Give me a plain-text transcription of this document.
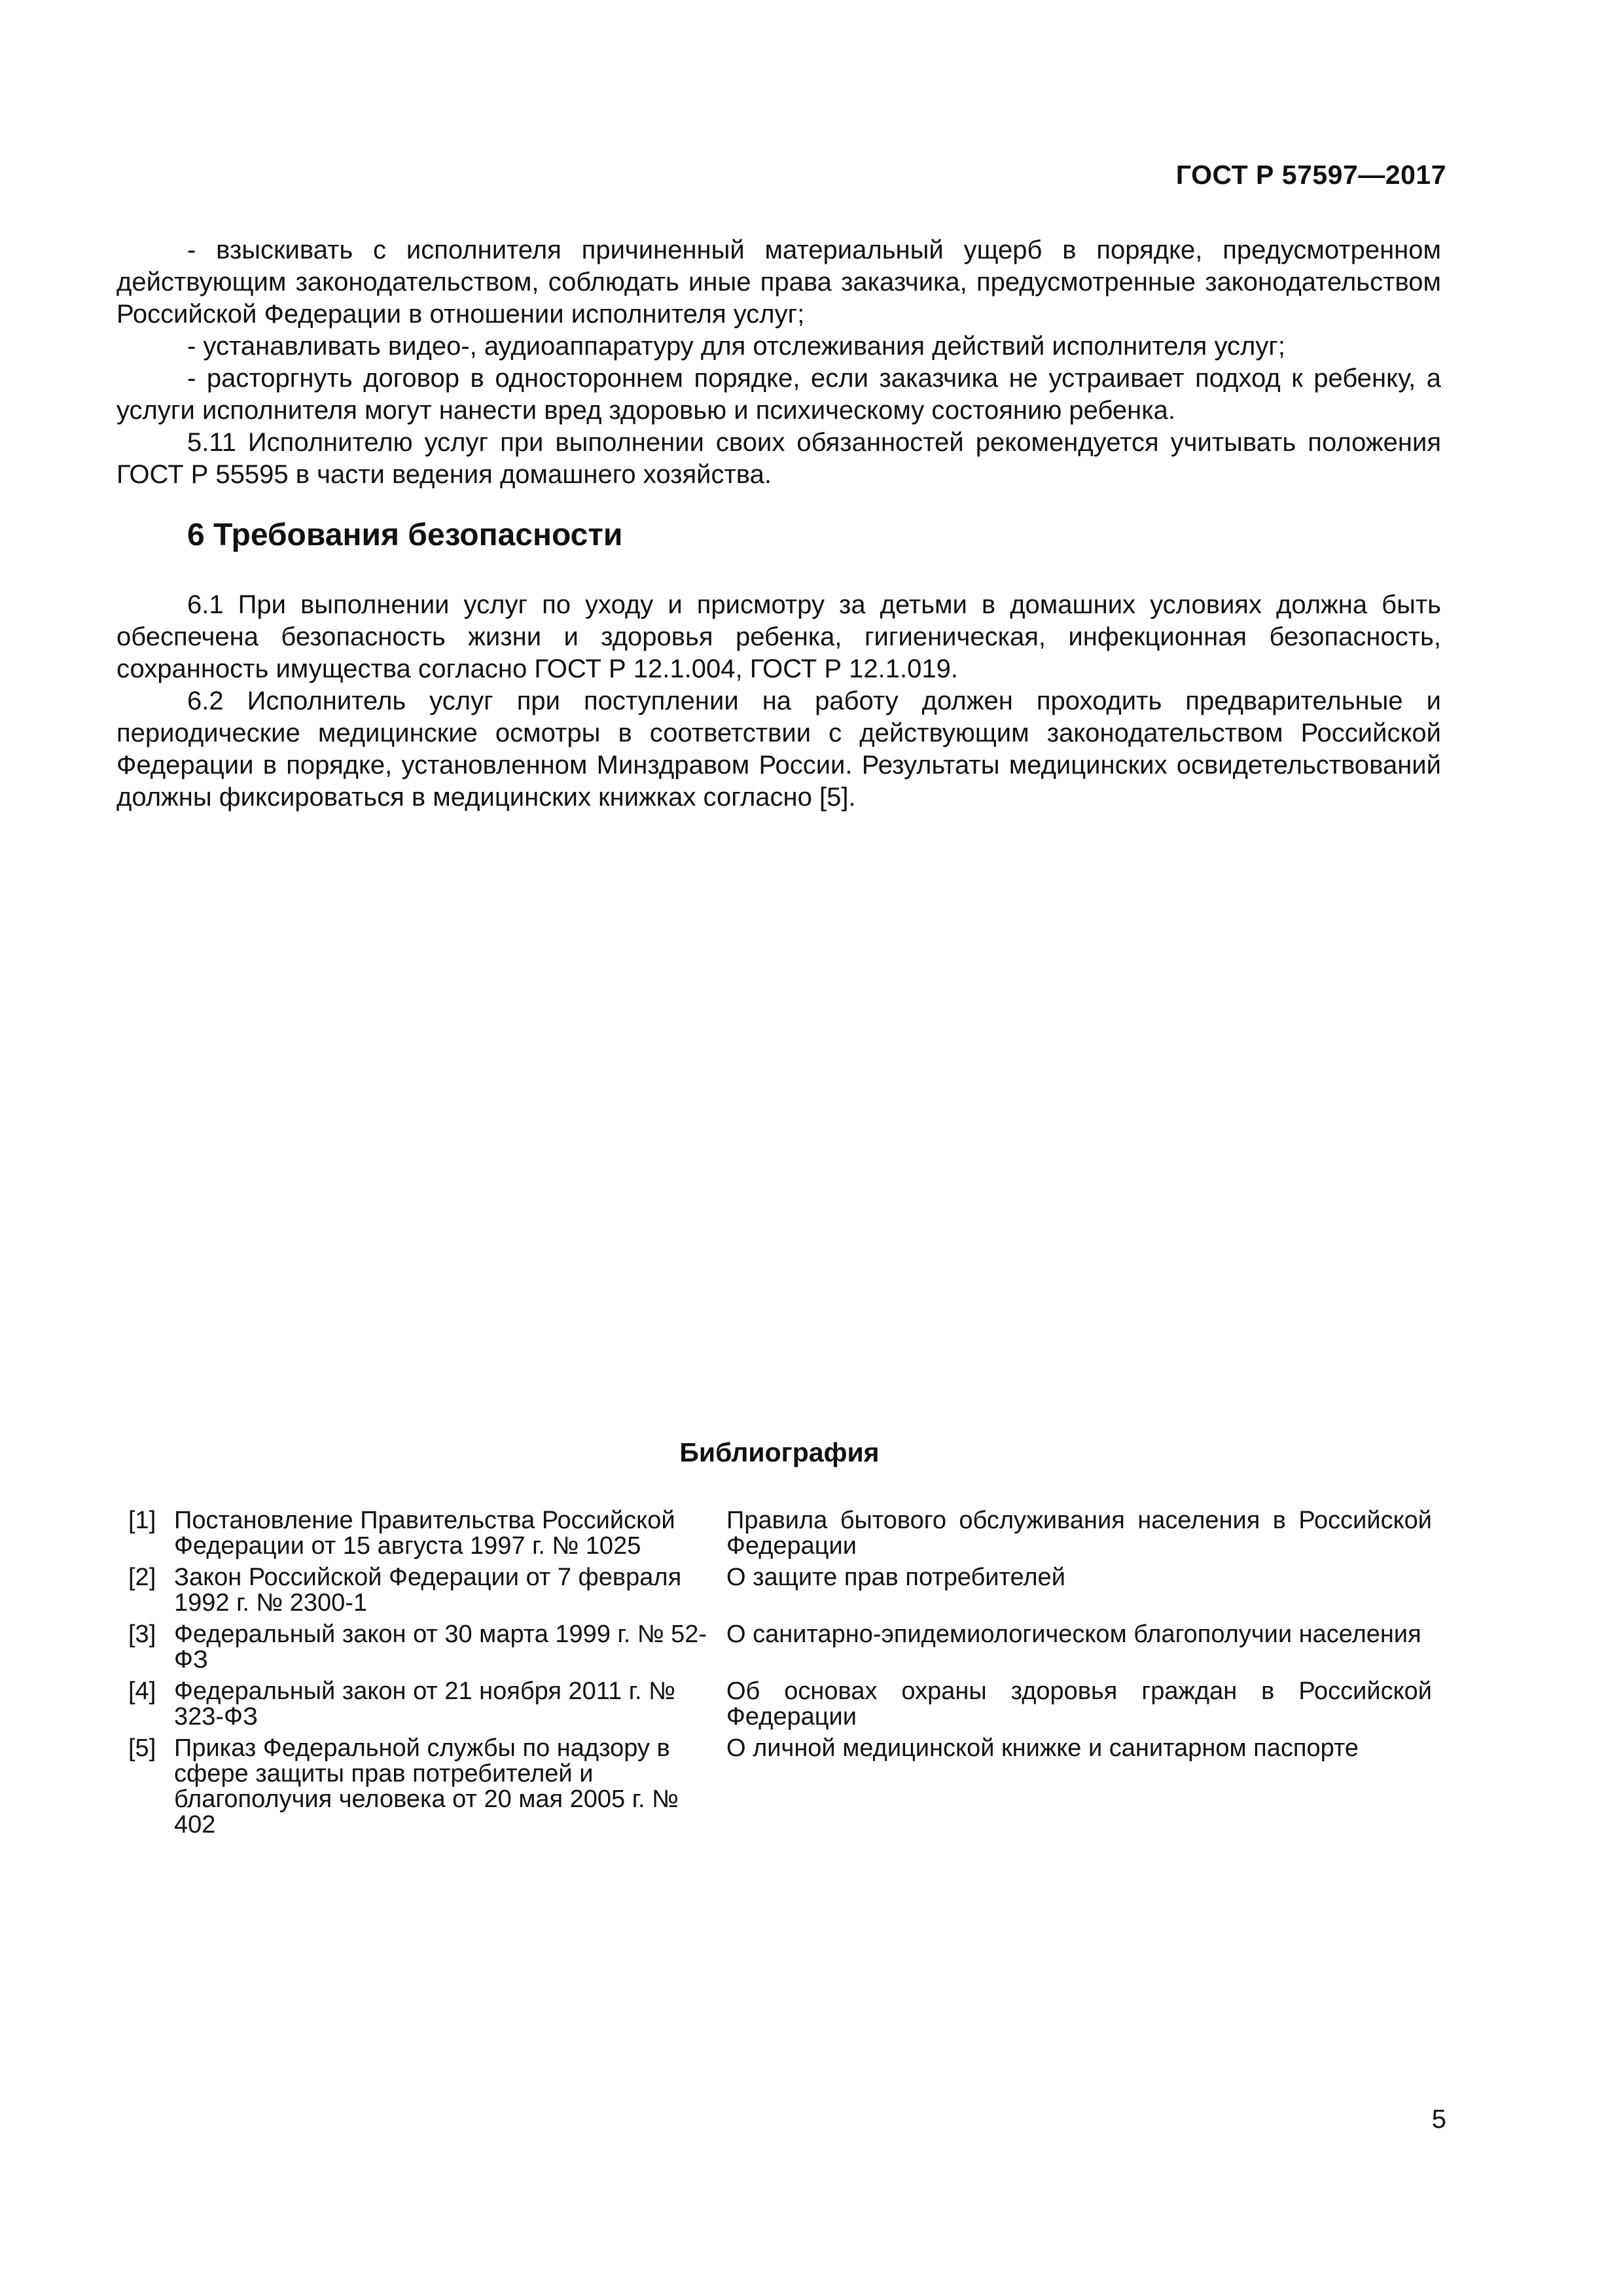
ГОСТ Р 57597—2017

- взыскивать с исполнителя причиненный материальный ущерб в порядке, предусмотренном действующим законодательством, соблюдать иные права заказчика, предусмотренные законодательством Российской Федерации в отношении исполнителя услуг;

- устанавливать видео-, аудиоаппаратуру для отслеживания действий исполнителя услуг;

- расторгнуть договор в одностороннем порядке, если заказчика не устраивает подход к ребенку, а услуги исполнителя могут нанести вред здоровью и психическому состоянию ребенка.

5.11 Исполнителю услуг при выполнении своих обязанностей рекомендуется учитывать положения ГОСТ Р 55595 в части ведения домашнего хозяйства.

6 Требования безопасности

6.1 При выполнении услуг по уходу и присмотру за детьми в домашних условиях должна быть обеспечена безопасность жизни и здоровья ребенка, гигиеническая, инфекционная безопасность, сохранность имущества согласно ГОСТ Р 12.1.004, ГОСТ Р 12.1.019.

6.2 Исполнитель услуг при поступлении на работу должен проходить предварительные и периодические медицинские осмотры в соответствии с действующим законодательством Российской Федерации в порядке, установленном Минздравом России. Результаты медицинских освидетельствований должны фиксироваться в медицинских книжках согласно [5].

Библиография
[1] Постановление Правительства Российской Федерации от 15 августа 1997 г. № 1025
Правила бытового обслуживания населения в Российской Федерации
[2] Закон Российской Федерации от 7 февраля 1992 г. № 2300-1
О защите прав потребителей
[3] Федеральный закон от 30 марта 1999 г. № 52-ФЗ
О санитарно-эпидемиологическом благополучии населения
[4] Федеральный закон от 21 ноября 2011 г. № 323-ФЗ
Об основах охраны здоровья граждан в Российской Федерации
[5] Приказ Федеральной службы по надзору в сфере защиты прав потребителей и благополучия человека от 20 мая 2005 г. № 402
О личной медицинской книжке и санитарном паспорте
5
